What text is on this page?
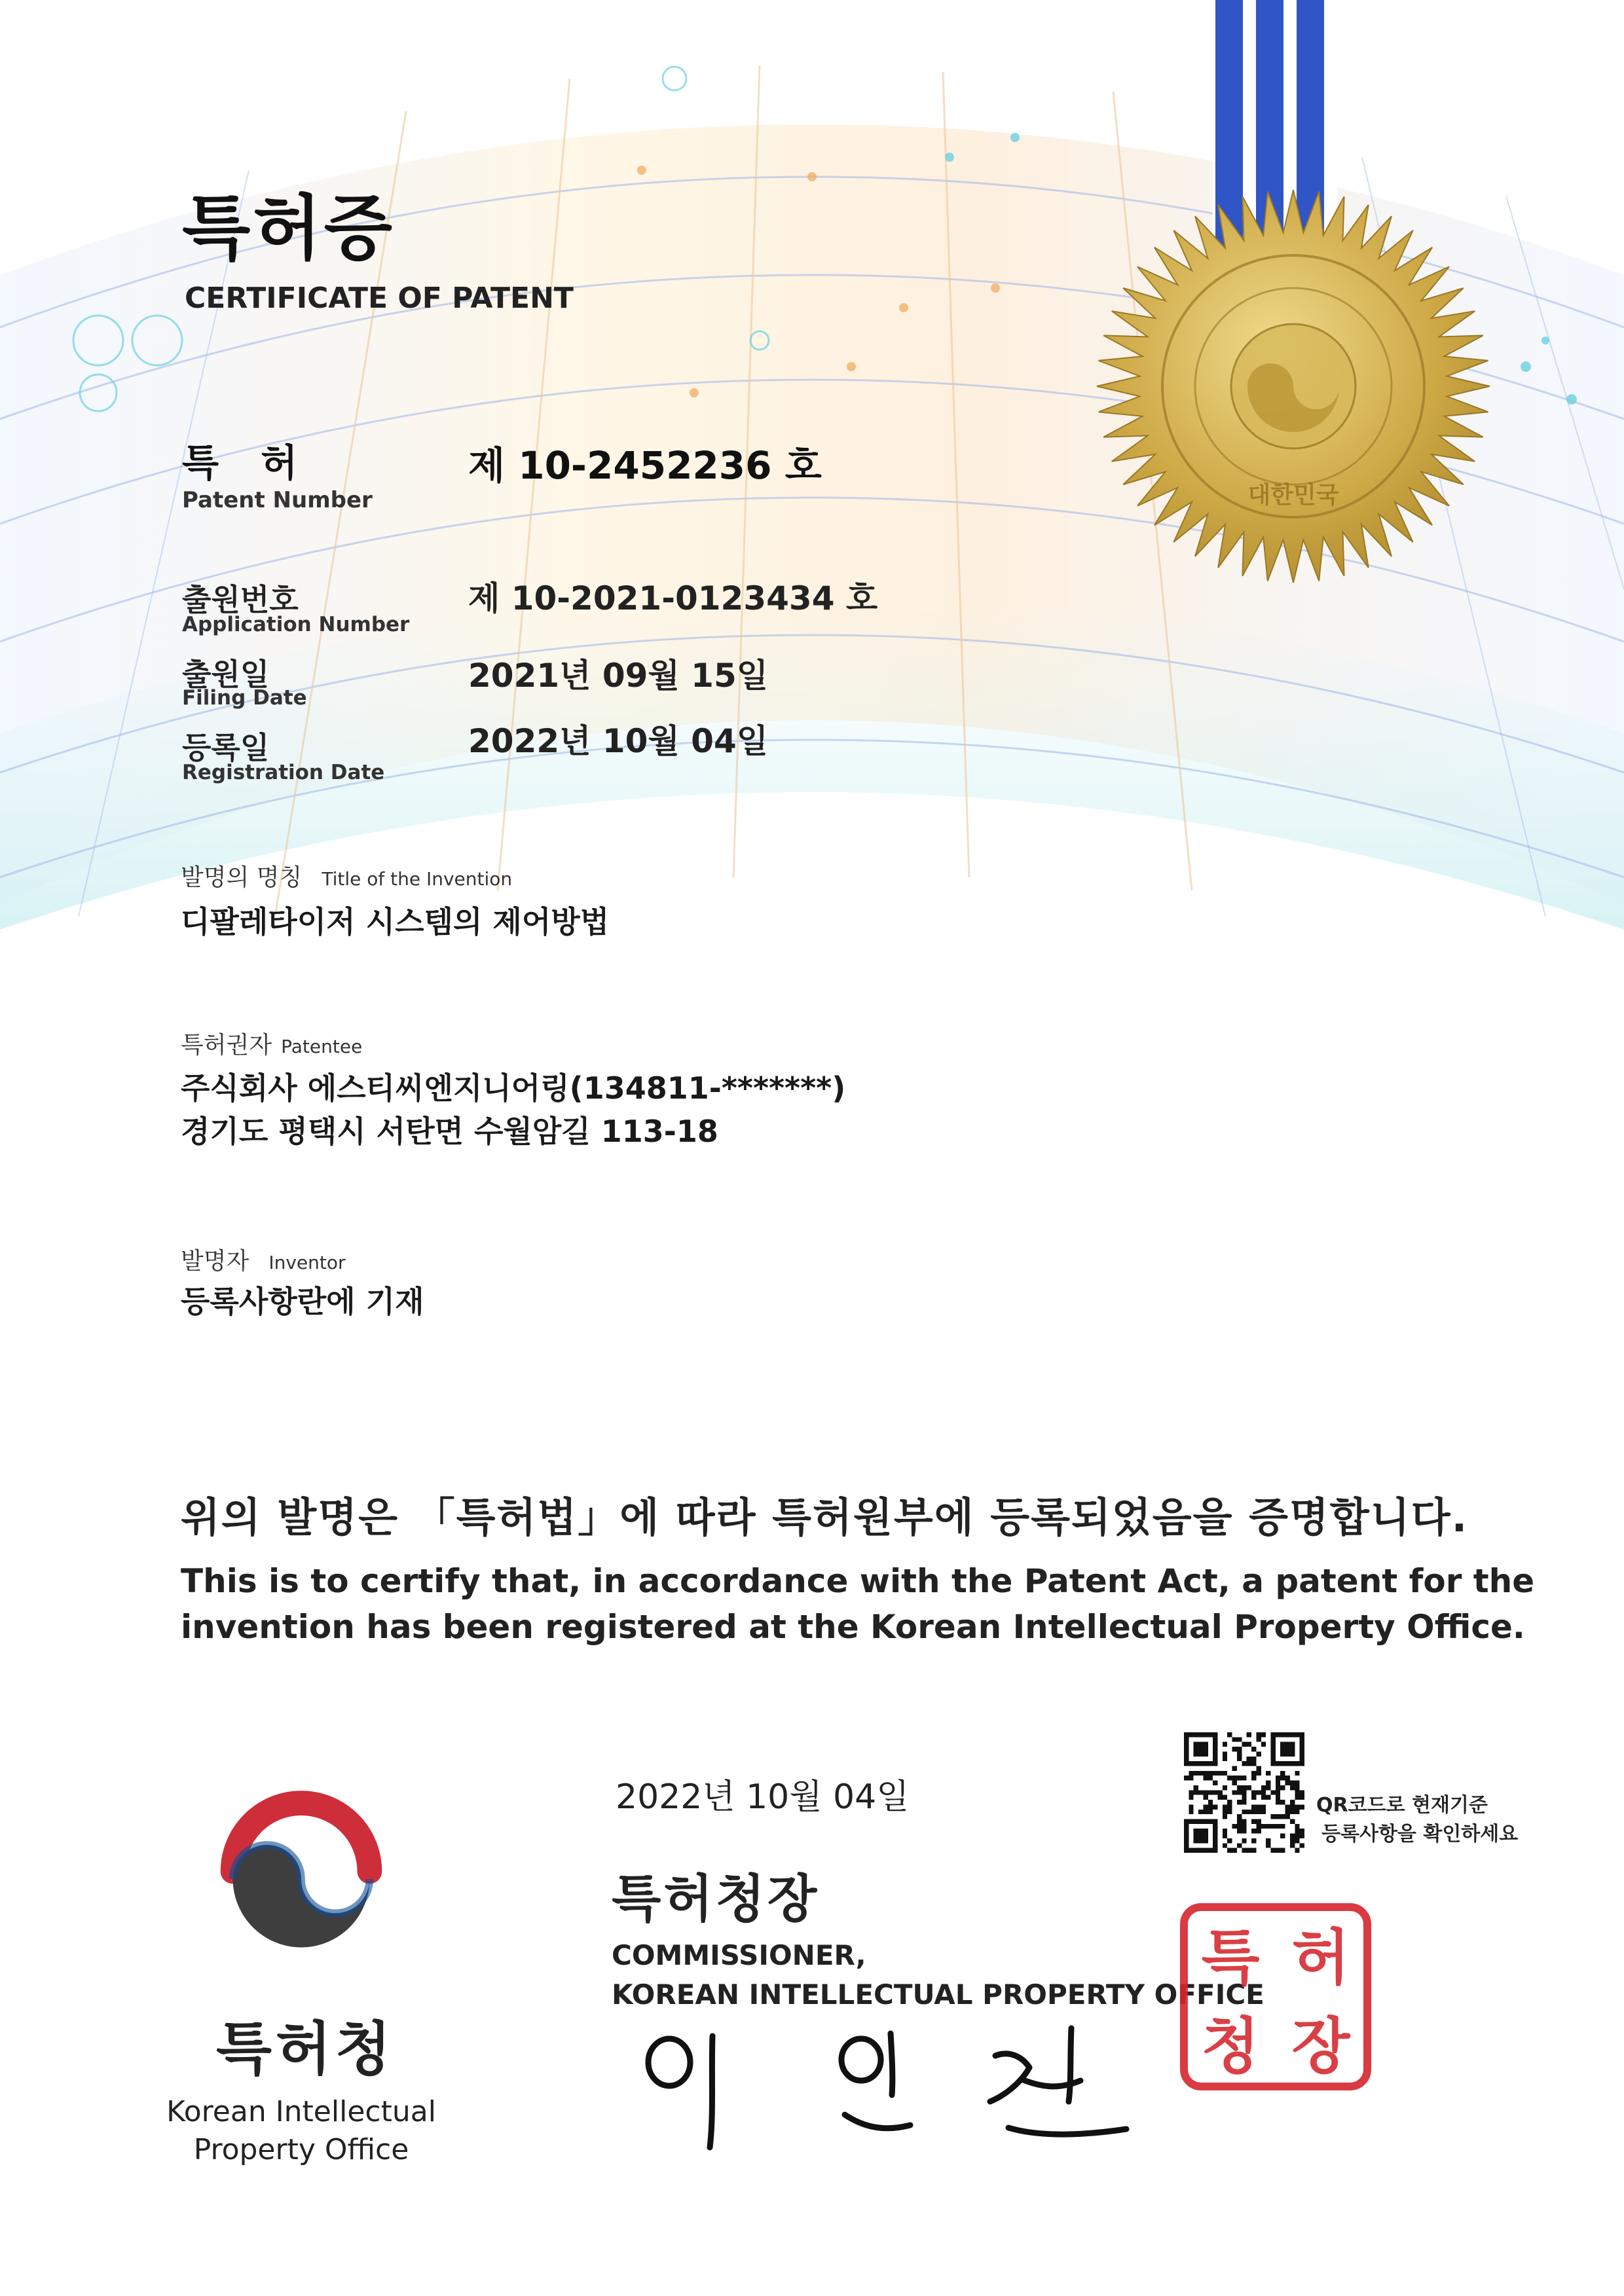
대한민국
특허증
CERTIFICATE OF PATENT
특 허
Patent Number
제 10-2452236 호
출원번호
Application Number
제 10-2021-0123434 호
출원일
Filing Date
2021년 09월 15일
등록일
Registration Date
2022년 10월 04일
발명의 명칭 Title of the Invention
디팔레타이저 시스템의 제어방법
특허권자 Patentee
주식회사 에스티씨엔지니어링(134811-*******)
경기도 평택시 서탄면 수월암길 113-18
발명자 Inventor
등록사항란에 기재
위의 발명은 「특허법」에 따라 특허원부에 등록되었음을 증명합니다.
This is to certify that, in accordance with the Patent Act, a patent for the
invention has been registered at the Korean Intellectual Property Office.
특허청
Korean Intellectual
Property Office
2022년 10월 04일
특허청장
COMMISSIONER,
KOREAN INTELLECTUAL PROPERTY OFFICE
특 허
청 장
QR코드로 현재기준
등록사항을 확인하세요
